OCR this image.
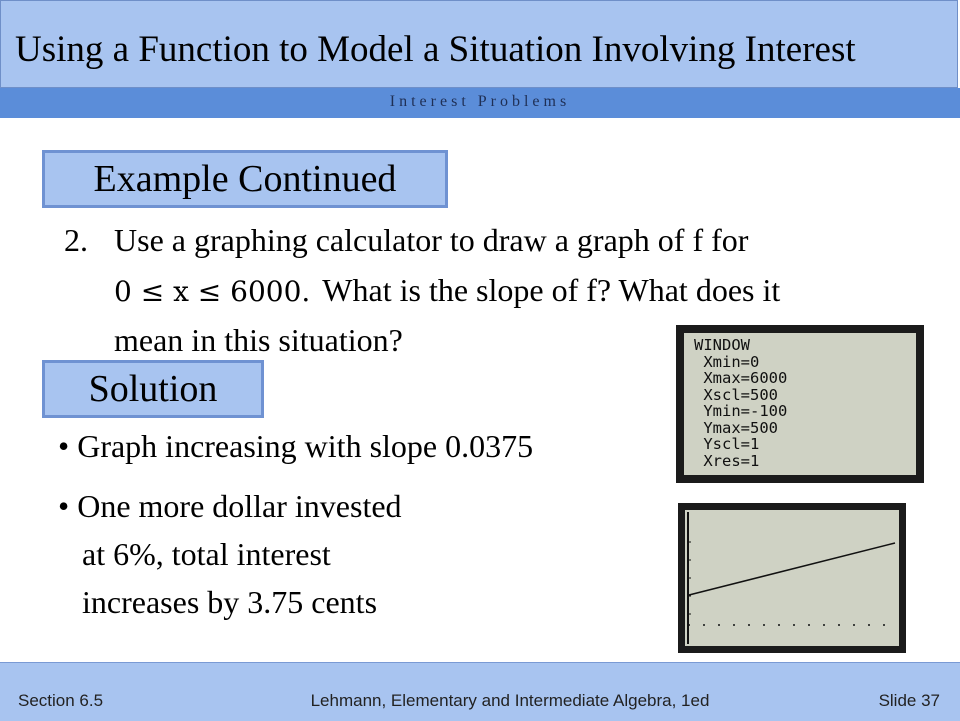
Using a Function to Model a Situation Involving Interest
Interest Problems
Example Continued
2. Use a graphing calculator to draw a graph of f for
0 ≤ x ≤ 6000. What is the slope of f? What does it
mean in this situation?
Solution
• Graph increasing with slope 0.0375
• One more dollar invested
at 6%, total interest
increases by 3.75 cents
WINDOW
Xmin=0
Xmax=6000
Xscl=500
Ymin=-100
Ymax=500
Yscl=1
Xres=1
Section 6.5	Lehmann, Elementary and Intermediate Algebra, 1ed	Slide 37
